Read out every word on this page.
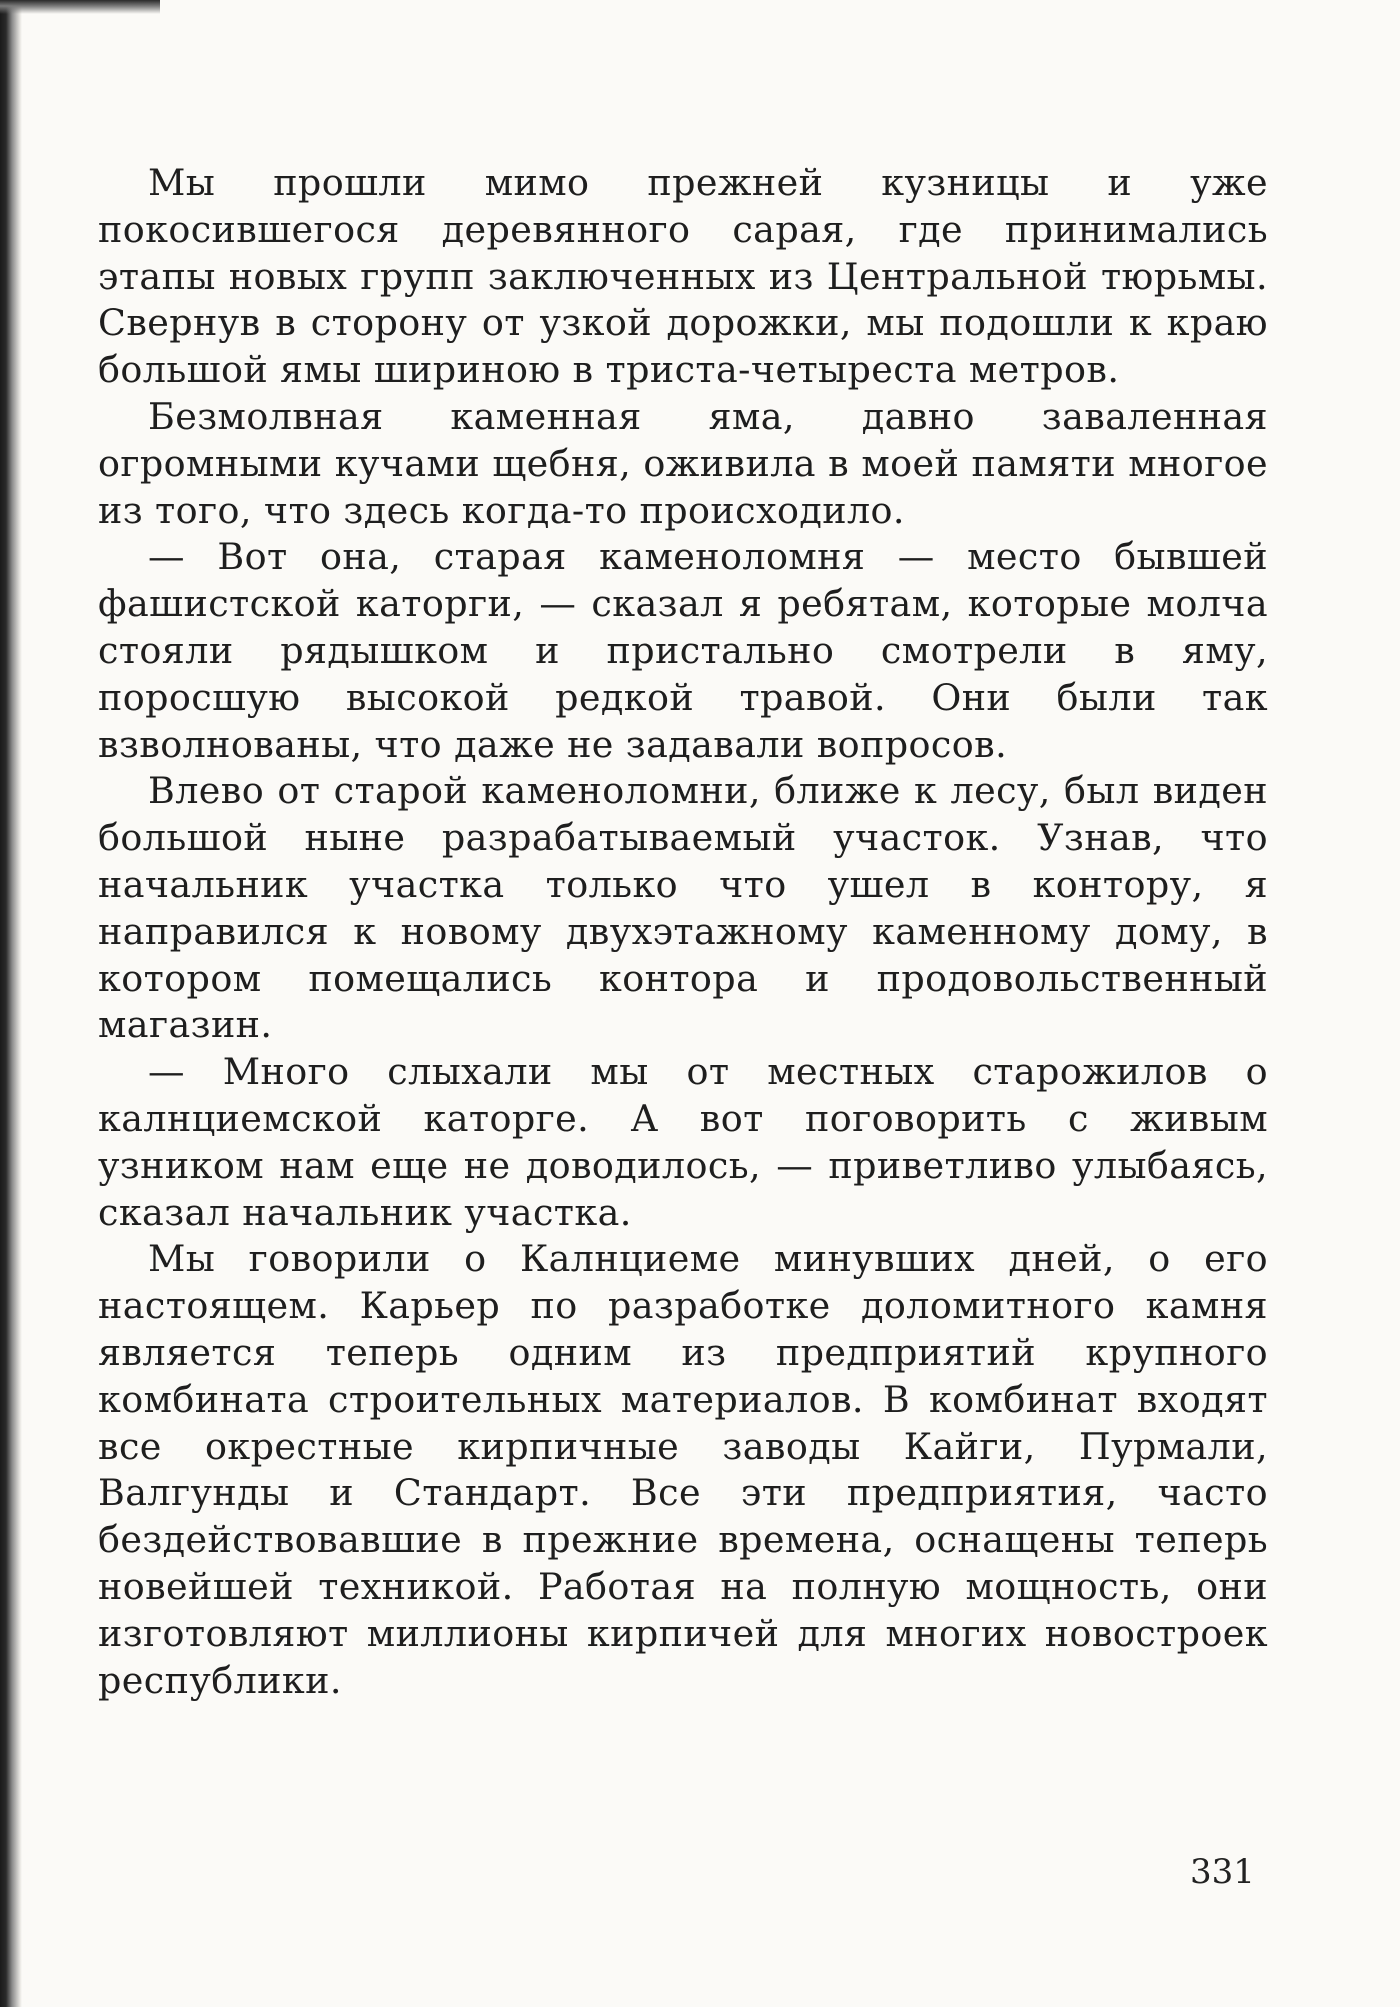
Мы прошли мимо прежней кузницы и уже покосившегося деревянного сарая, где принимались этапы новых групп заключенных из Центральной тюрьмы. Свернув в сторону от узкой дорожки, мы подошли к краю большой ямы шириною в триста-четыреста метров.

Безмолвная каменная яма, давно заваленная огромными кучами щебня, оживила в моей памяти многое из того, что здесь когда-то происходило.

— Вот она, старая каменоломня — место бывшей фашистской каторги, — сказал я ребятам, которые молча стояли рядышком и пристально смотрели в яму, поросшую высокой редкой травой. Они были так взволнованы, что даже не задавали вопросов.

Влево от старой каменоломни, ближе к лесу, был виден большой ныне разрабатываемый участок. Узнав, что начальник участка только что ушел в контору, я направился к новому двухэтажному каменному дому, в котором помещались контора и продовольственный магазин.

— Много слыхали мы от местных старожилов о калнциемской каторге. А вот поговорить с живым узником нам еще не доводилось, — приветливо улыбаясь, сказал начальник участка.

Мы говорили о Калнциеме минувших дней, о его настоящем. Карьер по разработке доломитного камня является теперь одним из предприятий крупного комбината строительных материалов. В комбинат входят все окрестные кирпичные заводы Кайги, Пурмали, Валгунды и Стандарт. Все эти предприятия, часто бездействовавшие в прежние времена, оснащены теперь новейшей техникой. Работая на полную мощность, они изготовляют миллионы кирпичей для многих новостроек республики.

331
